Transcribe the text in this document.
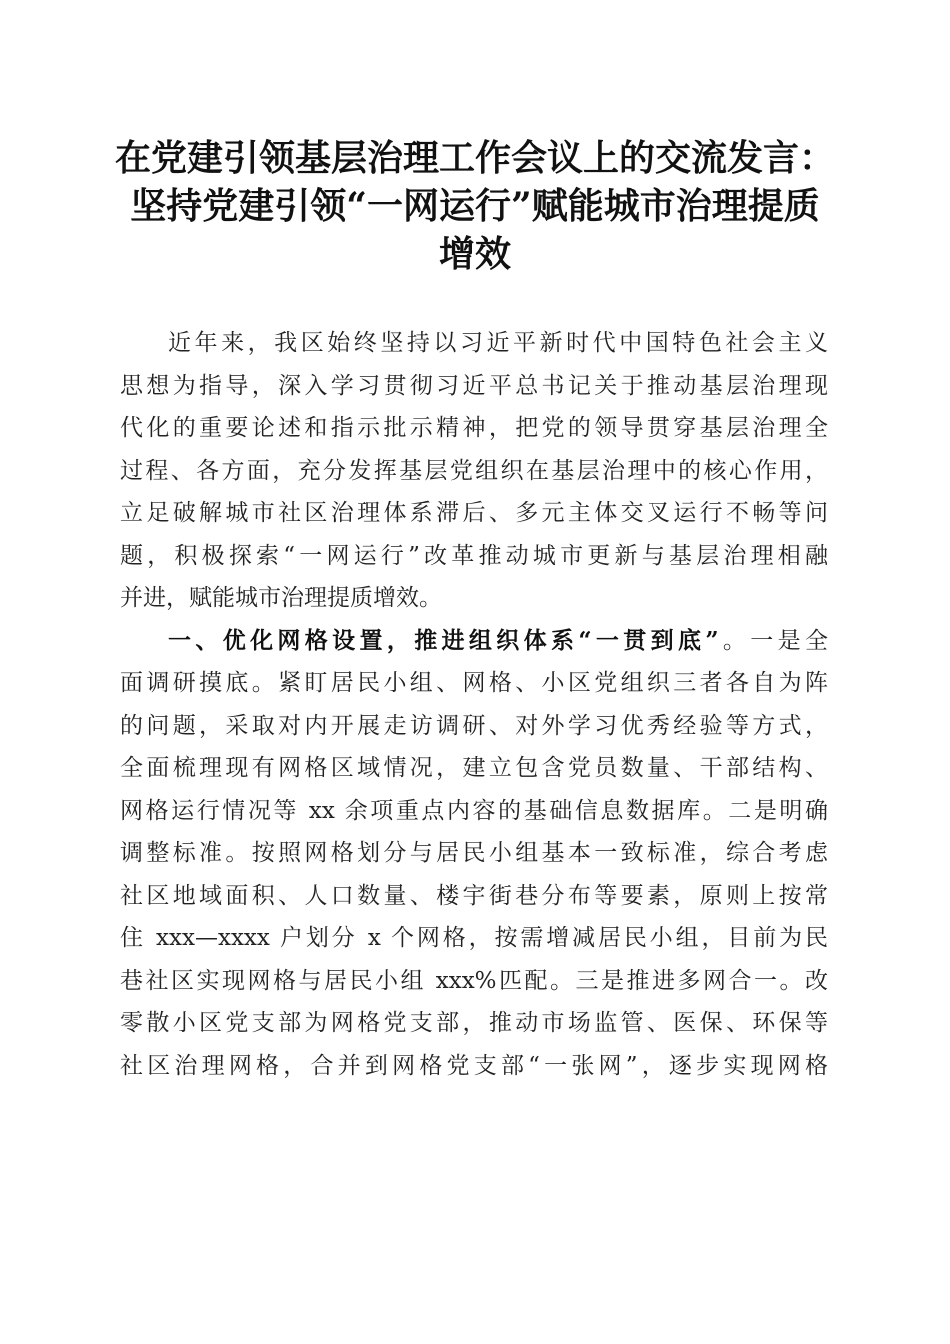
在党建引领基层治理工作会议上的交流发言：
坚持党建引领“一网运行”赋能城市治理提质
增效
近年来，我区始终坚持以习近平新时代中国特色社会主义
思想为指导，深入学习贯彻习近平总书记关于推动基层治理现
代化的重要论述和指示批示精神，把党的领导贯穿基层治理全
过程、各方面，充分发挥基层党组织在基层治理中的核心作用，
立足破解城市社区治理体系滞后、多元主体交叉运行不畅等问
题，积极探索“一网运行”改革推动城市更新与基层治理相融
并进，赋能城市治理提质增效。
一、优化网格设置，推进组织体系“一贯到底”。一是全
面调研摸底。紧盯居民小组、网格、小区党组织三者各自为阵
的问题，采取对内开展走访调研、对外学习优秀经验等方式，
全面梳理现有网格区域情况，建立包含党员数量、干部结构、
网格运行情况等 xx 余项重点内容的基础信息数据库。二是明确
调整标准。按照网格划分与居民小组基本一致标准，综合考虑
社区地域面积、人口数量、楼宇街巷分布等要素，原则上按常
住 xxx—xxxx 户划分 x 个网格，按需增减居民小组，目前为民
巷社区实现网格与居民小组 xxx%匹配。三是推进多网合一。改
零散小区党支部为网格党支部，推动市场监管、医保、环保等
社区治理网格，合并到网格党支部“一张网”，逐步实现网格
